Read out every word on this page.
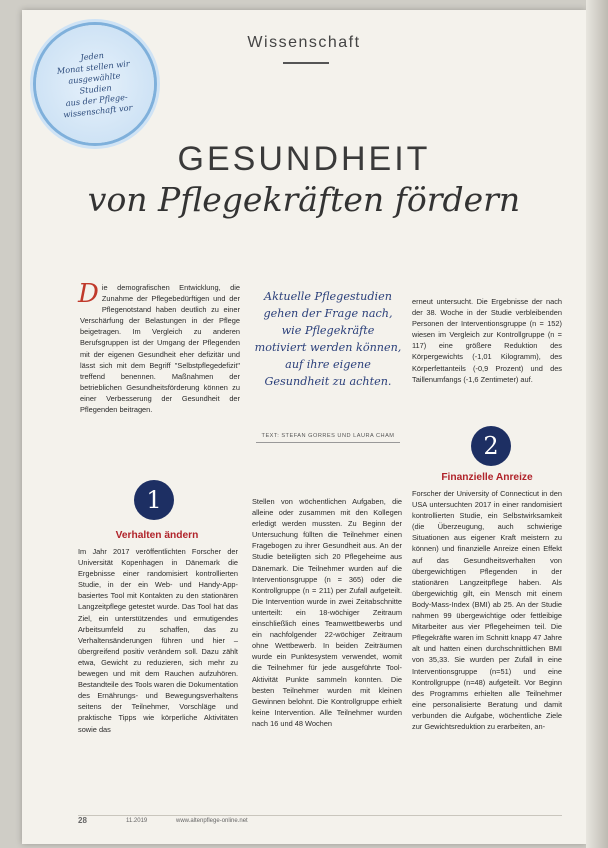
Jeden
Monat stellen wir
ausgewählte Studien
aus der Pflege-
wissenschaft vor
Wissenschaft
GESUNDHEIT
von Pflegekräften fördern
Die demografischen Entwicklung, die Zunahme der Pflegebedürftigen und der Pflegenotstand haben deutlich zu einer Verschärfung der Belastungen in der Pflege beigetragen. Im Vergleich zu anderen Berufsgruppen ist der Umgang der Pflegenden mit der eigenen Gesundheit eher defizitär und lässt sich mit dem Begriff "Selbstpflegedefizit" treffend benennen. Maßnahmen der betrieblichen Gesundheitsförderung können zu einer Verbesserung der Gesundheit der Pflegenden beitragen.
Aktuelle Pflegestudien gehen der Frage nach, wie Pflegekräfte motiviert werden können, auf ihre eigene Gesundheit zu achten.
TEXT: STEFAN GORRES UND LAURA CHAM
1
Verhalten ändern
Im Jahr 2017 veröffentlichten Forscher der Universität Kopenhagen in Dänemark die Ergebnisse einer randomisiert kontrollierten Studie, in der ein Web- und Handy-App-basiertes Tool mit Kontakten zu den stationären Langzeitpflege getestet wurde. Das Tool hat das Ziel, ein unterstützendes und ermutigendes Arbeitsumfeld zu schaffen, das zu Verhaltensänderungen führen und hier – übergreifend positiv verändern soll. Dazu zählt etwa, Gewicht zu reduzieren, sich mehr zu bewegen und mit dem Rauchen aufzuhören. Bestandteile des Tools waren die Dokumentation des Ernährungs- und Bewegungsverhaltens seitens der Teilnehmer, Vorschläge und praktische Tipps wie körperliche Aktivitäten sowie das
Stellen von wöchentlichen Aufgaben, die alleine oder zusammen mit den Kollegen erledigt werden mussten. Zu Beginn der Untersuchung füllten die Teilnehmer einen Fragebogen zu ihrer Gesundheit aus. An der Studie beteiligten sich 20 Pflegeheime aus Dänemark. Die Teilnehmer wurden auf die Interventionsgruppe (n = 365) oder die Kontrollgruppe (n = 211) per Zufall aufgeteilt. Die Intervention wurde in zwei Zeitabschnitte unterteilt: ein 18-wöchiger Zeitraum einschließlich eines Teamwettbewerbs und ein nachfolgender 22-wöchiger Zeitraum ohne Wettbewerb. In beiden Zeiträumen wurde ein Punktesystem verwendet, womit die Teilnehmer für jede ausgeführte Tool-Aktivität Punkte sammeln konnten. Die besten Teilnehmer wurden mit kleinen Gewinnen belohnt. Die Kontrollgruppe erhielt keine Intervention. Alle Teilnehmer wurden nach 16 und 48 Wochen
erneut untersucht. Die Ergebnisse der nach der 38. Woche in der Studie verbleibenden Personen der Interventionsgruppe (n = 152) wiesen im Vergleich zur Kontrollgruppe (n = 117) eine größere Reduktion des Körpergewichts (-1,01 Kilogramm), des Körperfettanteils (-0,9 Prozent) und des Taillenumfangs (-1,6 Zentimeter) auf.
2
Finanzielle Anreize
Forscher der University of Connecticut in den USA untersuchten 2017 in einer randomisiert kontrollierten Studie, ein Selbstwirksamkeit (die Überzeugung, auch schwierige Situationen aus eigener Kraft meistern zu können) und finanzielle Anreize einen Effekt auf das Gesundheitsverhalten von übergewichtigen Pflegenden in der stationären Langzeitpflege haben. Als übergewichtig gilt, ein Mensch mit einem Body-Mass-Index (BMI) ab 25. An der Studie nahmen 99 übergewichtige oder fettleibige Mitarbeiter aus vier Pflegeheimen teil. Die Pflegekräfte waren im Schnitt knapp 47 Jahre alt und hatten einen durchschnittlichen BMI von 35,33. Sie wurden per Zufall in eine Interventionsgruppe (n=51) und eine Kontrollgruppe (n=48) aufgeteilt. Vor Beginn des Programms erhielten alle Teilnehmer eine personalisierte Beratung und damit verbunden die Aufgabe, wöchentliche Ziele zur Gewichtsreduktion zu erarbeiten, an-
28	11.2019	www.altenpflege-online.net
